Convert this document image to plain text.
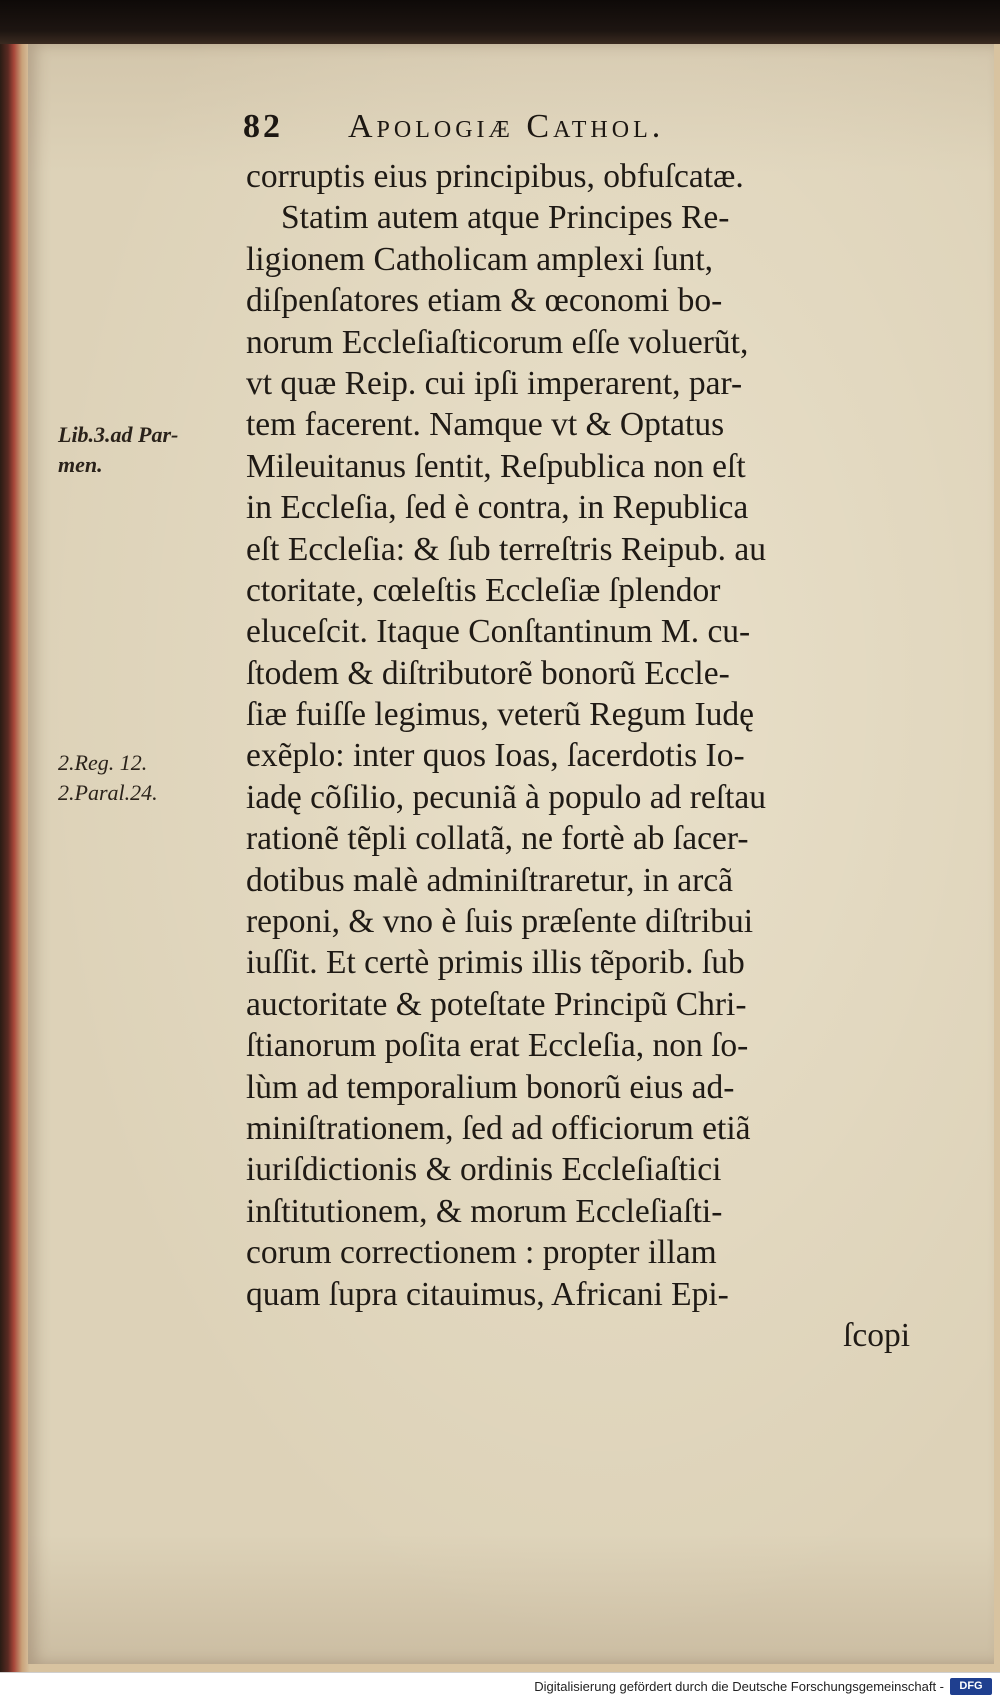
82 Apologiæ Cathol.
Lib.3.ad Par-
men.
2.Reg. 12.
2.Paral.24.
corruptis eius principibus, obfuſcatæ.
Statim autem atque Principes Re-
ligionem Catholicam amplexi ſunt,
diſpenſatores etiam & œconomi bo-
norum Eccleſiaſticorum eſſe voluerũt,
vt quæ Reip. cui ipſi imperarent, par-
tem facerent. Namque vt & Optatus
Mileuitanus ſentit, Reſpublica non eſt
in Eccleſia, ſed è contra, in Republica
eſt Eccleſia: & ſub terreſtris Reipub. au
ctoritate, cœleſtis Eccleſiæ ſplendor
eluceſcit. Itaque Conſtantinum M. cu-
ſtodem & diſtributorẽ bonorũ Eccle-
ſiæ fuiſſe legimus, veterũ Regum Iudę
exẽplo: inter quos Ioas, ſacerdotis Io-
iadę cõſilio, pecuniã à populo ad reſtau
rationẽ tẽpli collatã, ne fortè ab ſacer-
dotibus malè adminiſtraretur, in arcã
reponi, & vno è ſuis præſente diſtribui
iuſſit. Et certè primis illis tẽporib. ſub
auctoritate & poteſtate Principũ Chri-
ſtianorum poſita erat Eccleſia, non ſo-
lùm ad temporalium bonorũ eius ad-
miniſtrationem, ſed ad officiorum etiã
iuriſdictionis & ordinis Eccleſiaſtici
inſtitutionem, & morum Eccleſiaſti-
corum correctionem : propter illam
quam ſupra citauimus, Africani Epi-
ſcopi
Digitalisierung gefördert durch die Deutsche Forschungsgemeinschaft -	DFG
